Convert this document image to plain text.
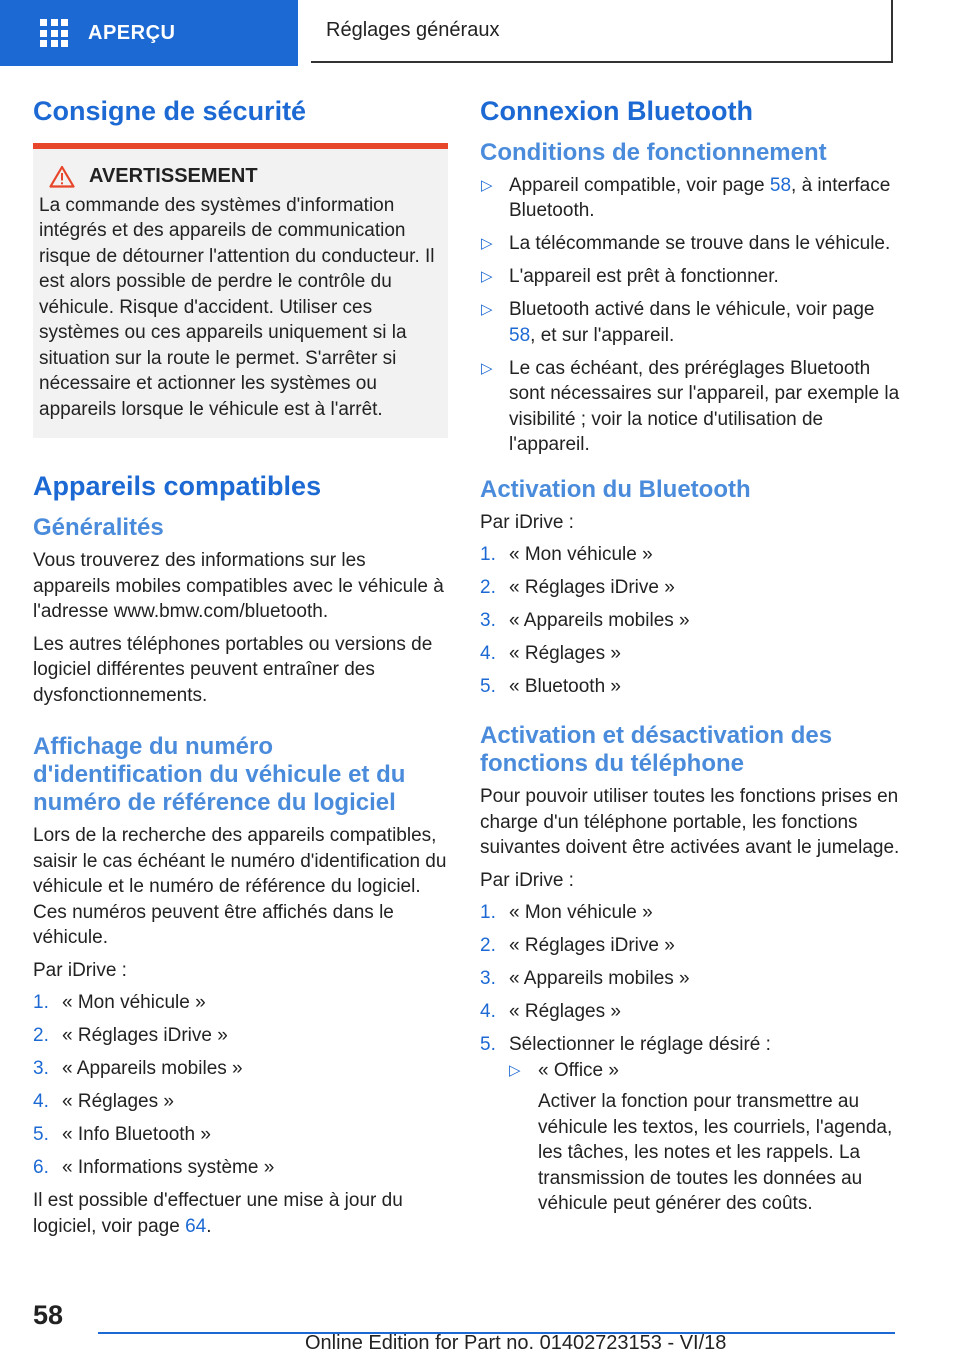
APERÇU	Réglages généraux
Consigne de sécurité
AVERTISSEMENT

La commande des systèmes d'information intégrés et des appareils de communication risque de détourner l'attention du conducteur. Il est alors possible de perdre le contrôle du véhicule. Risque d'accident. Utiliser ces systèmes ou ces appareils uniquement si la situation sur la route le permet. S'arrêter si nécessaire et actionner les systèmes ou appareils lorsque le véhicule est à l'arrêt.

Appareils compatibles
Généralités

Vous trouverez des informations sur les appareils mobiles compatibles avec le véhicule à l'adresse www.bmw.com/bluetooth.

Les autres téléphones portables ou versions de logiciel différentes peuvent entraîner des dysfonctionnements.

Affichage du numéro d'identification du véhicule et du numéro de référence du logiciel

Lors de la recherche des appareils compatibles, saisir le cas échéant le numéro d'identification du véhicule et le numéro de référence du logiciel. Ces numéros peuvent être affichés dans le véhicule.

Par iDrive :

1. « Mon véhicule »
2. « Réglages iDrive »
3. « Appareils mobiles »
4. « Réglages »
5. « Info Bluetooth »
6. « Informations système »

Il est possible d'effectuer une mise à jour du logiciel, voir page 64.

Connexion Bluetooth
Conditions de fonctionnement
▷ Appareil compatible, voir page 58, à interface Bluetooth.
▷ La télécommande se trouve dans le véhicule.
▷ L'appareil est prêt à fonctionner.
▷ Bluetooth activé dans le véhicule, voir page 58, et sur l'appareil.
▷ Le cas échéant, des préréglages Bluetooth sont nécessaires sur l'appareil, par exemple la visibilité ; voir la notice d'utilisation de l'appareil.
Activation du Bluetooth

Par iDrive :

1. « Mon véhicule »
2. « Réglages iDrive »
3. « Appareils mobiles »
4. « Réglages »
5. « Bluetooth »
Activation et désactivation des fonctions du téléphone

Pour pouvoir utiliser toutes les fonctions prises en charge d'un téléphone portable, les fonctions suivantes doivent être activées avant le jumelage.

Par iDrive :

1. « Mon véhicule »
2. « Réglages iDrive »
3. « Appareils mobiles »
4. « Réglages »
5. Sélectionner le réglage désiré :
▷ « Office »

Activer la fonction pour transmettre au véhicule les textos, les courriels, l'agenda, les tâches, les notes et les rappels. La transmission de toutes les données au véhicule peut générer des coûts.

58
Online Edition for Part no. 01402723153 - VI/18
